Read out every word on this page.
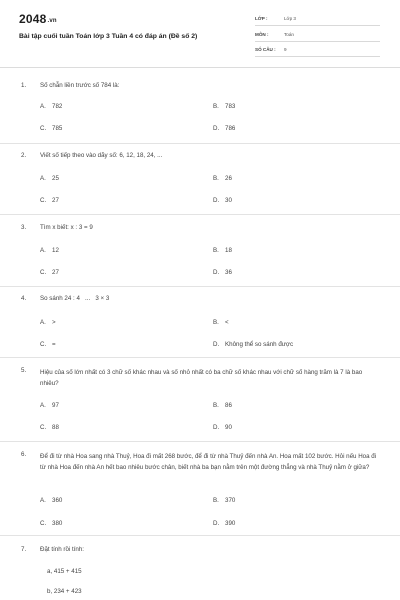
2048.vn
Bài tập cuối tuần Toán lớp 3 Tuần 4 có đáp án (Đề số 2)
LỚP :	Lớp 3
MÔN :	Toán
SỐ CÂU : 9
1. Số chẵn liền trước số 784 là:
A. 782	B. 783
C. 785	D. 786
2. Viết số tiếp theo vào dãy số: 6, 12, 18, 24, ...
A. 25	B. 26
C. 27	D. 30
3. Tìm x biết: x : 3 = 9
A. 12	B. 18
C. 27	D. 36
4. So sánh 24 : 4   ...   3 × 3
A. >	B. <
C. =	D. Không thể so sánh được
5. Hiệu của số lớn nhất có 3 chữ số khác nhau và số nhỏ nhất có ba chữ số khác nhau với chữ số hàng trăm là 7 là bao nhiêu?
A. 97	B. 86
C. 88	D. 90
6. Để đi từ nhà Hoa sang nhà Thuỷ, Hoa đi mất 268 bước, để đi từ nhà Thuỷ đến nhà An. Hoa mất 102 bước. Hỏi nếu Hoa đi từ nhà Hoa đến nhà An hết bao nhiêu bước chân, biết nhà ba bạn nằm trên một đường thẳng và nhà Thuỷ nằm ở giữa?
A. 360	B. 370
C. 380	D. 390
7. Đặt tính rồi tính:
a, 415 + 415
b, 234 + 423
